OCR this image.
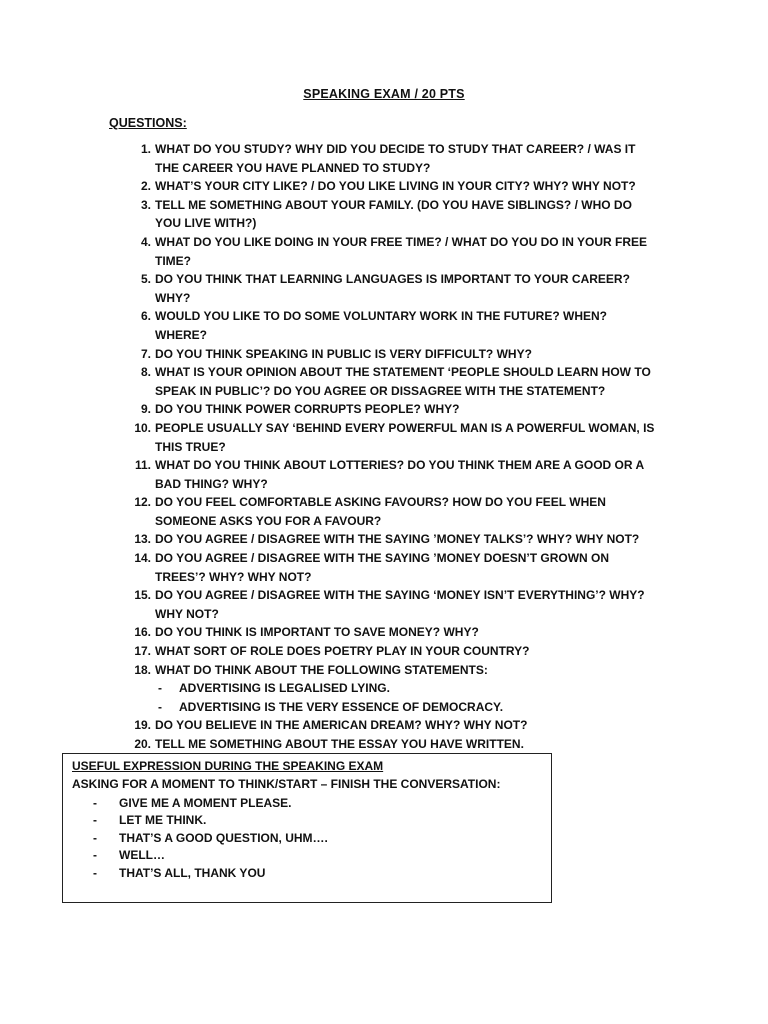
SPEAKING EXAM / 20 PTS
QUESTIONS:
1. WHAT DO YOU STUDY? WHY DID YOU DECIDE TO STUDY THAT CAREER? / WAS IT THE CAREER YOU HAVE PLANNED TO STUDY?
2. WHAT’S YOUR CITY LIKE? / DO YOU LIKE LIVING IN YOUR CITY? WHY? WHY NOT?
3. TELL ME SOMETHING ABOUT YOUR FAMILY. (DO YOU HAVE SIBLINGS? / WHO DO YOU LIVE WITH?)
4. WHAT DO YOU LIKE DOING IN YOUR FREE TIME? / WHAT DO YOU DO IN YOUR FREE TIME?
5. DO YOU THINK THAT LEARNING LANGUAGES IS IMPORTANT TO YOUR CAREER? WHY?
6. WOULD YOU LIKE TO DO SOME VOLUNTARY WORK IN THE FUTURE? WHEN? WHERE?
7. DO YOU THINK SPEAKING IN PUBLIC IS VERY DIFFICULT? WHY?
8. WHAT IS YOUR OPINION ABOUT THE STATEMENT ‘PEOPLE SHOULD LEARN HOW TO SPEAK IN PUBLIC’? DO YOU AGREE OR DISSAGREE WITH THE STATEMENT?
9. DO YOU THINK POWER CORRUPTS PEOPLE? WHY?
10. PEOPLE USUALLY SAY ‘BEHIND EVERY POWERFUL MAN IS A POWERFUL WOMAN, IS THIS TRUE?
11. WHAT DO YOU THINK ABOUT LOTTERIES? DO YOU THINK THEM ARE A GOOD OR A BAD THING? WHY?
12. DO YOU FEEL COMFORTABLE ASKING FAVOURS? HOW DO YOU FEEL WHEN SOMEONE ASKS YOU FOR A FAVOUR?
13. DO YOU AGREE / DISAGREE WITH THE SAYING ’MONEY TALKS’? WHY? WHY NOT?
14. DO YOU AGREE / DISAGREE WITH THE SAYING ’MONEY DOESN’T GROWN ON TREES’? WHY? WHY NOT?
15. DO YOU AGREE / DISAGREE WITH THE SAYING ‘MONEY ISN’T EVERYTHING’? WHY? WHY NOT?
16. DO YOU THINK IS IMPORTANT TO SAVE MONEY? WHY?
17. WHAT SORT OF ROLE DOES POETRY PLAY IN YOUR COUNTRY?
18. WHAT DO THINK ABOUT THE FOLLOWING STATEMENTS:
- ADVERTISING IS LEGALISED LYING.
- ADVERTISING IS THE VERY ESSENCE OF DEMOCRACY.
19. DO YOU BELIEVE IN THE AMERICAN DREAM? WHY? WHY NOT?
20. TELL ME SOMETHING ABOUT THE ESSAY YOU HAVE WRITTEN.
USEFUL EXPRESSION DURING THE SPEAKING EXAM
ASKING FOR A MOMENT TO THINK/START – FINISH THE CONVERSATION:
- GIVE ME A MOMENT PLEASE.
- LET ME THINK.
- THAT’S A GOOD QUESTION, UHM….
- WELL…
- THAT’S ALL, THANK YOU
